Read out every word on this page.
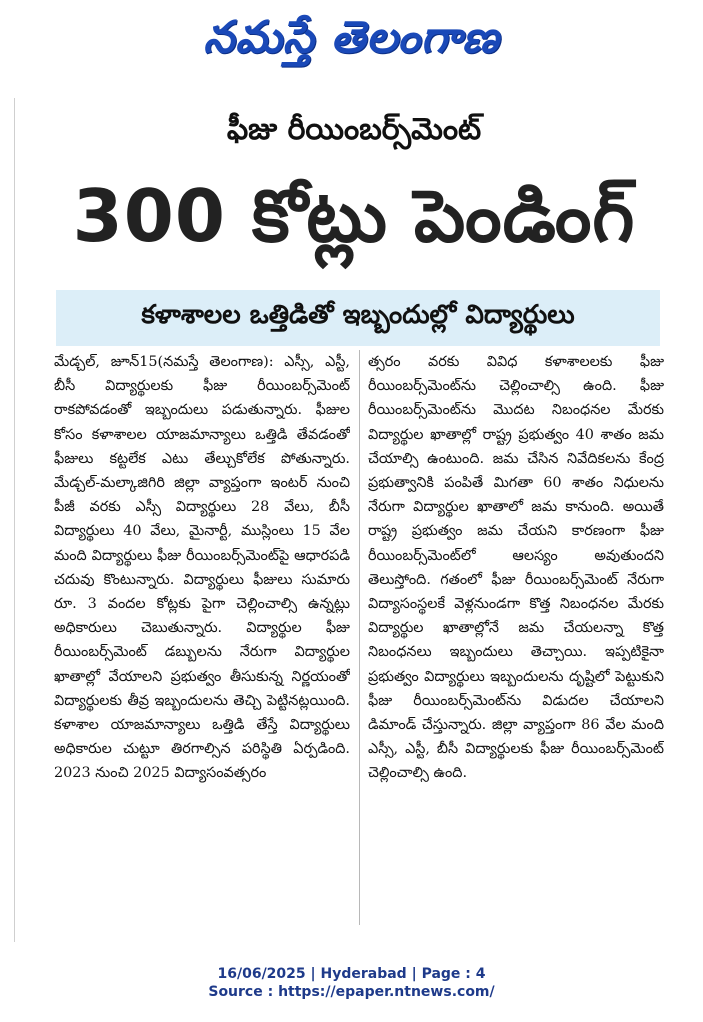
నమస్తే తెలంగాణ
ఫీజు రీయింబర్స్‌మెంట్
300 కోట్లు పెండింగ్
కళాశాలల ఒత్తిడితో ఇబ్బందుల్లో విద్యార్థులు
మేడ్చల్, జూన్15(నమస్తే తెలంగాణ): ఎస్సీ, ఎస్టీ, బీసీ విద్యార్థులకు ఫీజు రీయింబర్స్‌మెంట్ రాకపోవడంతో ఇబ్బందులు పడుతున్నారు. ఫీజుల కోసం కళాశాలల యాజమాన్యాలు ఒత్తిడి తేవడంతో ఫీజులు కట్టలేక ఎటు తేల్చుకోలేక పోతున్నారు. మేడ్చల్-మల్కాజిగిరి జిల్లా వ్యాప్తంగా ఇంటర్ నుంచి పీజీ వరకు ఎస్సీ విద్యార్థులు 28 వేలు, బీసీ విద్యార్థులు 40 వేలు, మైనార్టీ, ముస్లింలు 15 వేల మంది విద్యార్థులు ఫీజు రీయింబర్స్‌మెంట్‌పై ఆధారపడి చదువు కొంటున్నారు. విద్యార్థులు ఫీజులు సుమారు రూ. 3 వందల కోట్లకు పైగా చెల్లించాల్సి ఉన్నట్లు అధికారులు చెబుతున్నారు. విద్యార్థుల ఫీజు రీయింబర్స్‌మెంట్ డబ్బులను నేరుగా విద్యార్థుల ఖాతాల్లో వేయాలని ప్రభుత్వం తీసుకున్న నిర్ణయంతో విద్యార్థులకు తీవ్ర ఇబ్బందులను తెచ్చి పెట్టినట్లయింది. కళాశాల యాజమాన్యాలు ఒత్తిడి తేస్తే విద్యార్థులు అధికారుల చుట్టూ తిరగాల్సిన పరిస్థితి ఏర్పడింది. 2023 నుంచి 2025 విద్యాసంవత్సరం
త్సరం వరకు వివిధ కళాశాలలకు ఫీజు రీయింబర్స్‌మెంట్‌ను చెల్లించాల్సి ఉంది. ఫీజు రీయింబర్స్‌మెంట్‌ను మొదట నిబంధనల మేరకు విద్యార్థుల ఖాతాల్లో రాష్ట్ర ప్రభుత్వం 40 శాతం జమ చేయాల్సి ఉంటుంది. జమ చేసిన నివేదికలను కేంద్ర ప్రభుత్వానికి పంపితే మిగతా 60 శాతం నిధులను నేరుగా విద్యార్థుల ఖాతాలో జమ కానుంది. అయితే రాష్ట్ర ప్రభుత్వం జమ చేయని కారణంగా ఫీజు రీయింబర్స్‌మెంట్‌లో ఆలస్యం అవుతుందని తెలుస్తోంది. గతంలో ఫీజు రీయింబర్స్‌మెంట్ నేరుగా విద్యాసంస్థలకే వెళ్లనుండగా కొత్త నిబంధనల మేరకు విద్యార్థుల ఖాతాల్లోనే జమ చేయలన్నా కొత్త నిబంధనలు ఇబ్బందులు తెచ్చాయి. ఇప్పటికైనా ప్రభుత్వం విద్యార్థులు ఇబ్బందులను దృష్టిలో పెట్టుకుని ఫీజు రీయింబర్స్‌మెంట్‌ను విడుదల చేయాలని డిమాండ్ చేస్తున్నారు. జిల్లా వ్యాప్తంగా 86 వేల మంది ఎస్సీ, ఎస్టీ, బీసీ విద్యార్థులకు ఫీజు రీయింబర్స్‌మెంట్ చెల్లించాల్సి ఉంది.
16/06/2025 | Hyderabad | Page : 4
Source : https://epaper.ntnews.com/
